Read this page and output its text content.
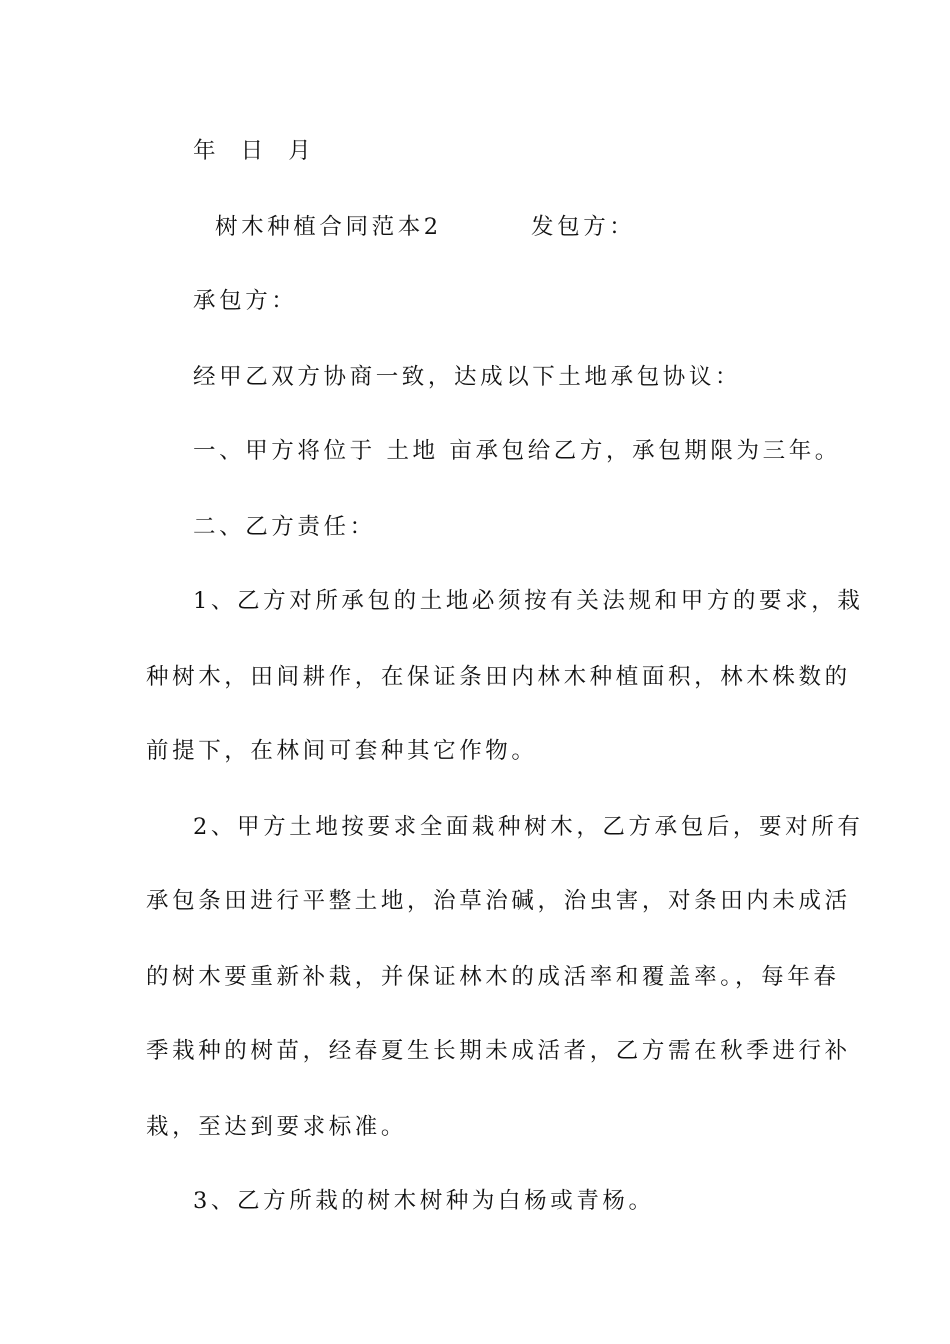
年 日 月

树木种植合同范本2	发包方：

承包方：

经甲乙双方协商一致，达成以下土地承包协议：

一、甲方将位于 土地 亩承包给乙方，承包期限为三年。

二、乙方责任：

1、乙方对所承包的土地必须按有关法规和甲方的要求，栽

种树木，田间耕作，在保证条田内林木种植面积，林木株数的

前提下，在林间可套种其它作物。

2、甲方土地按要求全面栽种树木，乙方承包后，要对所有

承包条田进行平整土地，治草治碱，治虫害，对条田内未成活

的树木要重新补栽，并保证林木的成活率和覆盖率。，每年春

季栽种的树苗，经春夏生长期未成活者，乙方需在秋季进行补

栽，至达到要求标准。

3、乙方所栽的树木树种为白杨或青杨。
